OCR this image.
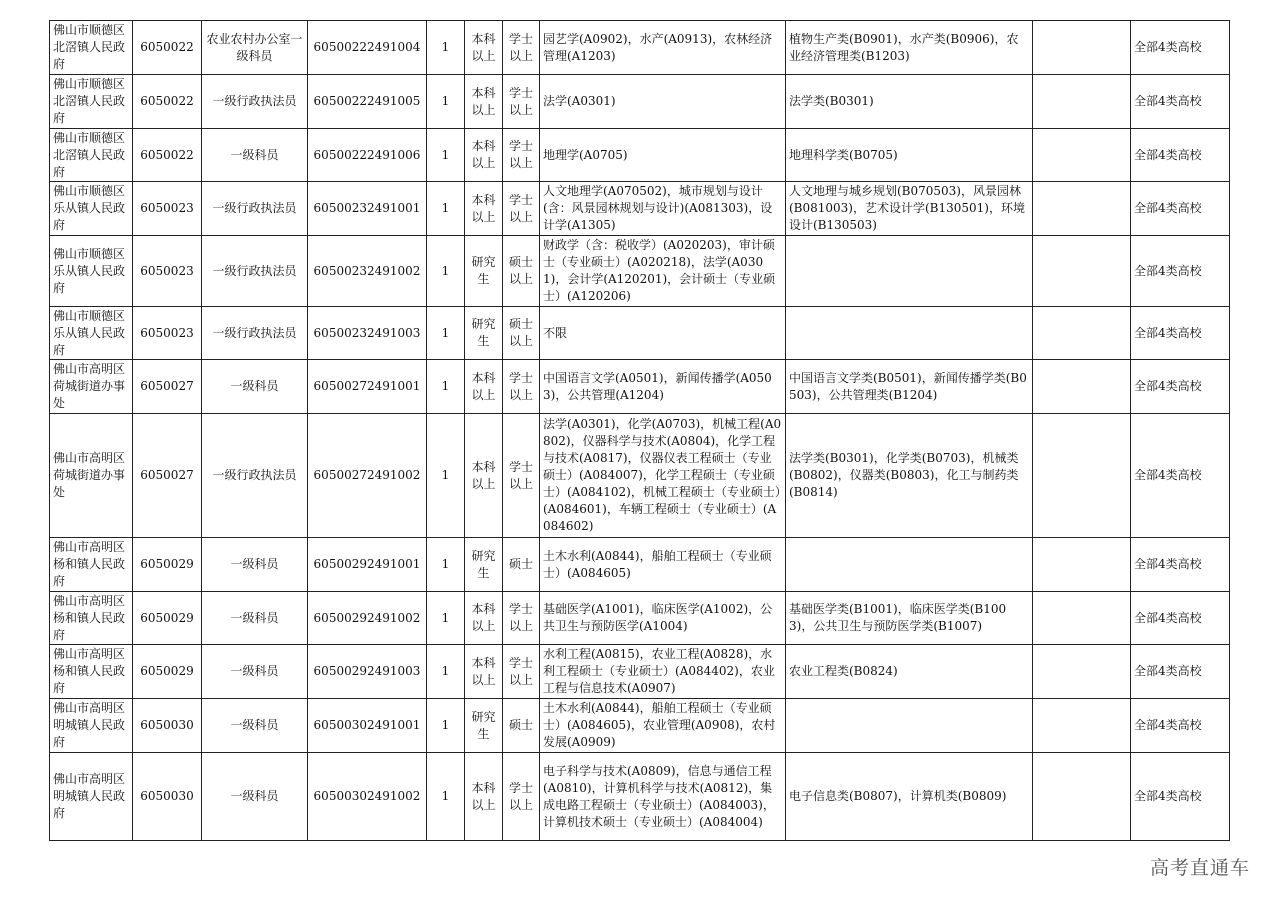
佛山市顺德区北滘镇人民政府	6050022	农业农村办公室一级科员	60500222491004	1	本科以上	学士以上	园艺学(A0902)，水产(A0913)，农林经济管理(A1203)	植物生产类(B0901)，水产类(B0906)，农业经济管理类(B1203)		全部4类高校
佛山市顺德区北滘镇人民政府	6050022	一级行政执法员	60500222491005	1	本科以上	学士以上	法学(A0301)	法学类(B0301)		全部4类高校
佛山市顺德区北滘镇人民政府	6050022	一级科员	60500222491006	1	本科以上	学士以上	地理学(A0705)	地理科学类(B0705)		全部4类高校
佛山市顺德区乐从镇人民政府	6050023	一级行政执法员	60500232491001	1	本科以上	学士以上	人文地理学(A070502)，城市规划与设计(含：风景园林规划与设计)(A081303)，设计学(A1305)	人文地理与城乡规划(B070503)，风景园林(B081003)，艺术设计学(B130501)，环境设计(B130503)		全部4类高校
佛山市顺德区乐从镇人民政府	6050023	一级行政执法员	60500232491002	1	研究生	硕士以上	财政学（含：税收学）(A020203)，审计硕士（专业硕士）(A020218)，法学(A0301)，会计学(A120201)，会计硕士（专业硕士）(A120206)			全部4类高校
佛山市顺德区乐从镇人民政府	6050023	一级行政执法员	60500232491003	1	研究生	硕士以上	不限			全部4类高校
佛山市高明区荷城街道办事处	6050027	一级科员	60500272491001	1	本科以上	学士以上	中国语言文学(A0501)，新闻传播学(A0503)，公共管理(A1204)	中国语言文学类(B0501)，新闻传播学类(B0503)，公共管理类(B1204)		全部4类高校
佛山市高明区荷城街道办事处	6050027	一级行政执法员	60500272491002	1	本科以上	学士以上	法学(A0301)，化学(A0703)，机械工程(A0802)，仪器科学与技术(A0804)，化学工程与技术(A0817)，仪器仪表工程硕士（专业硕士）(A084007)，化学工程硕士（专业硕士）(A084102)，机械工程硕士（专业硕士）(A084601)，车辆工程硕士（专业硕士）(A084602)	法学类(B0301)，化学类(B0703)，机械类(B0802)，仪器类(B0803)，化工与制药类(B0814)		全部4类高校
佛山市高明区杨和镇人民政府	6050029	一级科员	60500292491001	1	研究生	硕士	土木水利(A0844)，船舶工程硕士（专业硕士）(A084605)			全部4类高校
佛山市高明区杨和镇人民政府	6050029	一级科员	60500292491002	1	本科以上	学士以上	基础医学(A1001)，临床医学(A1002)，公共卫生与预防医学(A1004)	基础医学类(B1001)，临床医学类(B1003)，公共卫生与预防医学类(B1007)		全部4类高校
佛山市高明区杨和镇人民政府	6050029	一级科员	60500292491003	1	本科以上	学士以上	水利工程(A0815)，农业工程(A0828)，水利工程硕士（专业硕士）(A084402)，农业工程与信息技术(A0907)	农业工程类(B0824)		全部4类高校
佛山市高明区明城镇人民政府	6050030	一级科员	60500302491001	1	研究生	硕士	土木水利(A0844)，船舶工程硕士（专业硕士）(A084605)，农业管理(A0908)，农村发展(A0909)			全部4类高校
佛山市高明区明城镇人民政府	6050030	一级科员	60500302491002	1	本科以上	学士以上	电子科学与技术(A0809)，信息与通信工程(A0810)，计算机科学与技术(A0812)，集成电路工程硕士（专业硕士）(A084003)，计算机技术硕士（专业硕士）(A084004)	电子信息类(B0807)，计算机类(B0809)		全部4类高校
高考直通车
